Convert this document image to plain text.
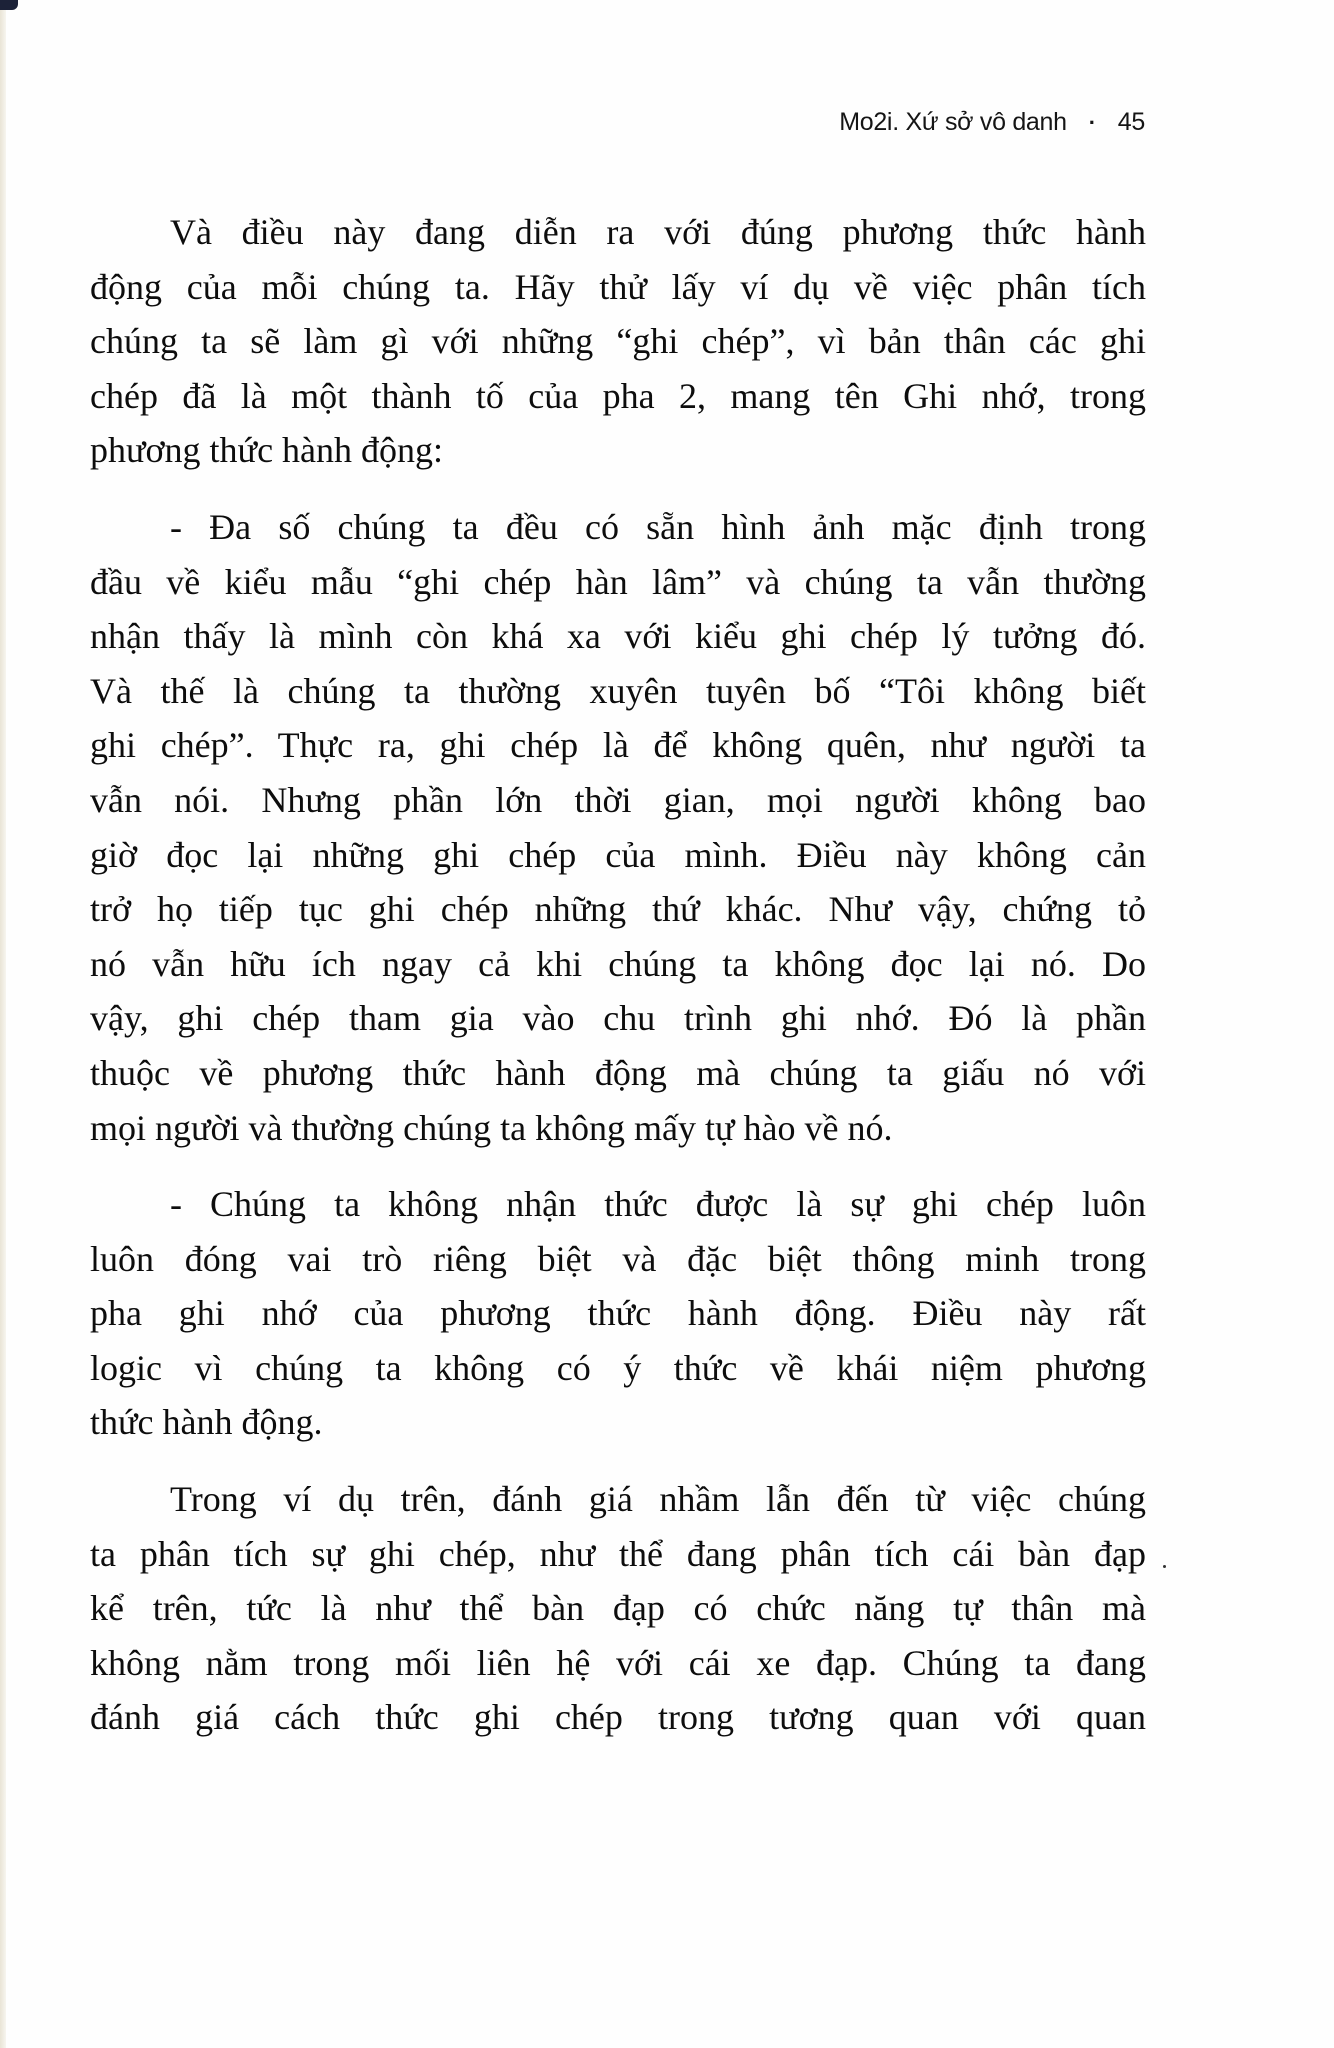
Mo2i. Xứ sở vô danh · 45
Và điều này đang diễn ra với đúng phương thức hành
động của mỗi chúng ta. Hãy thử lấy ví dụ về việc phân tích
chúng ta sẽ làm gì với những “ghi chép”, vì bản thân các ghi
chép đã là một thành tố của pha 2, mang tên Ghi nhớ, trong
phương thức hành động:
- Đa số chúng ta đều có sẵn hình ảnh mặc định trong
đầu về kiểu mẫu “ghi chép hàn lâm” và chúng ta vẫn thường
nhận thấy là mình còn khá xa với kiểu ghi chép lý tưởng đó.
Và thế là chúng ta thường xuyên tuyên bố “Tôi không biết
ghi chép”. Thực ra, ghi chép là để không quên, như người ta
vẫn nói. Nhưng phần lớn thời gian, mọi người không bao
giờ đọc lại những ghi chép của mình. Điều này không cản
trở họ tiếp tục ghi chép những thứ khác. Như vậy, chứng tỏ
nó vẫn hữu ích ngay cả khi chúng ta không đọc lại nó. Do
vậy, ghi chép tham gia vào chu trình ghi nhớ. Đó là phần
thuộc về phương thức hành động mà chúng ta giấu nó với
mọi người và thường chúng ta không mấy tự hào về nó.
- Chúng ta không nhận thức được là sự ghi chép luôn
luôn đóng vai trò riêng biệt và đặc biệt thông minh trong
pha ghi nhớ của phương thức hành động. Điều này rất
logic vì chúng ta không có ý thức về khái niệm phương
thức hành động.
Trong ví dụ trên, đánh giá nhầm lẫn đến từ việc chúng
ta phân tích sự ghi chép, như thể đang phân tích cái bàn đạp
kể trên, tức là như thể bàn đạp có chức năng tự thân mà
không nằm trong mối liên hệ với cái xe đạp. Chúng ta đang
đánh giá cách thức ghi chép trong tương quan với quan
